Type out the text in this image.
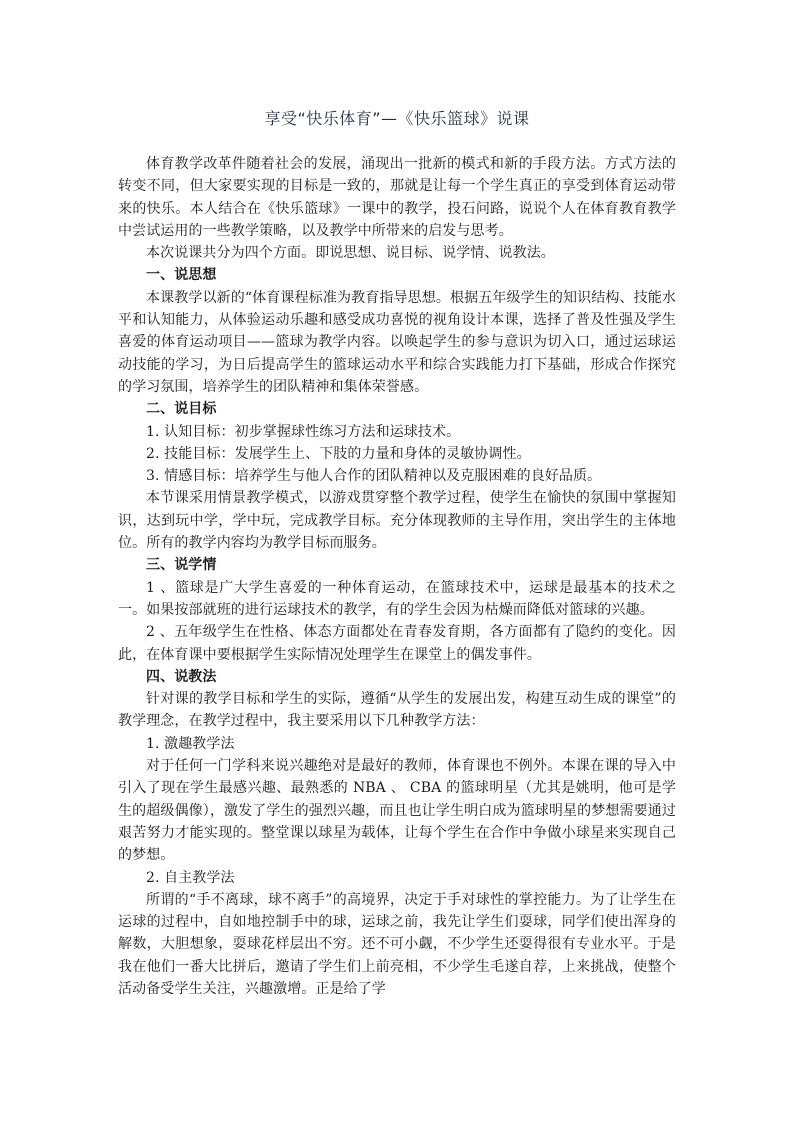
享受“快乐体育”—《快乐篮球》说课

体育教学改革件随着社会的发展，涌现出一批新的模式和新的手段方法。方式方法的转变不同，但大家要实现的目标是一致的，那就是让每一个学生真正的享受到体育运动带来的快乐。本人结合在《快乐篮球》一课中的教学，投石问路，说说个人在体育教育教学中尝试运用的一些教学策略，以及教学中所带来的启发与思考。

本次说课共分为四个方面。即说思想、说目标、说学情、说教法。

一、说思想

本课教学以新的“体育课程标准为教育指导思想。根据五年级学生的知识结构、技能水平和认知能力，从体验运动乐趣和感受成功喜悦的视角设计本课，选择了普及性强及学生喜爱的体育运动项目——篮球为教学内容。以唤起学生的参与意识为切入口，通过运球运动技能的学习，为日后提高学生的篮球运动水平和综合实践能力打下基础，形成合作探究的学习氛围，培养学生的团队精神和集体荣誉感。

二、说目标

1. 认知目标：初步掌握球性练习方法和运球技术。

2. 技能目标：发展学生上、下肢的力量和身体的灵敏协调性。

3. 情感目标：培养学生与他人合作的团队精神以及克服困难的良好品质。

本节课采用情景教学模式，以游戏贯穿整个教学过程，使学生在愉快的氛围中掌握知识，达到玩中学，学中玩，完成教学目标。充分体现教师的主导作用，突出学生的主体地位。所有的教学内容均为教学目标而服务。

三、说学情

1 、篮球是广大学生喜爱的一种体育运动，在篮球技术中，运球是最基本的技术之一。如果按部就班的进行运球技术的教学，有的学生会因为枯燥而降低对篮球的兴趣。

2 、五年级学生在性格、体态方面都处在青春发育期，各方面都有了隐约的变化。因此，在体育课中要根据学生实际情况处理学生在课堂上的偶发事件。

四、说教法

针对课的教学目标和学生的实际，遵循“从学生的发展出发，构建互动生成的课堂”的教学理念，在教学过程中，我主要采用以下几种教学方法：

1. 激趣教学法

对于任何一门学科来说兴趣绝对是最好的教师，体育课也不例外。本课在课的导入中引入了现在学生最感兴趣、最熟悉的 NBA 、 CBA 的篮球明星（尤其是姚明，他可是学生的超级偶像），激发了学生的强烈兴趣，而且也让学生明白成为篮球明星的梦想需要通过艰苦努力才能实现的。整堂课以球星为载体，让每个学生在合作中争做小球星来实现自己的梦想。

2. 自主教学法

所谓的“手不离球，球不离手”的高境界，决定于手对球性的掌控能力。为了让学生在运球的过程中，自如地控制手中的球，运球之前，我先让学生们耍球，同学们使出浑身的解数，大胆想象，耍球花样层出不穷。还不可小觑，不少学生还耍得很有专业水平。于是我在他们一番大比拼后，邀请了学生们上前亮相，不少学生毛遂自荐，上来挑战，使整个活动备受学生关注，兴趣激增。正是给了学
